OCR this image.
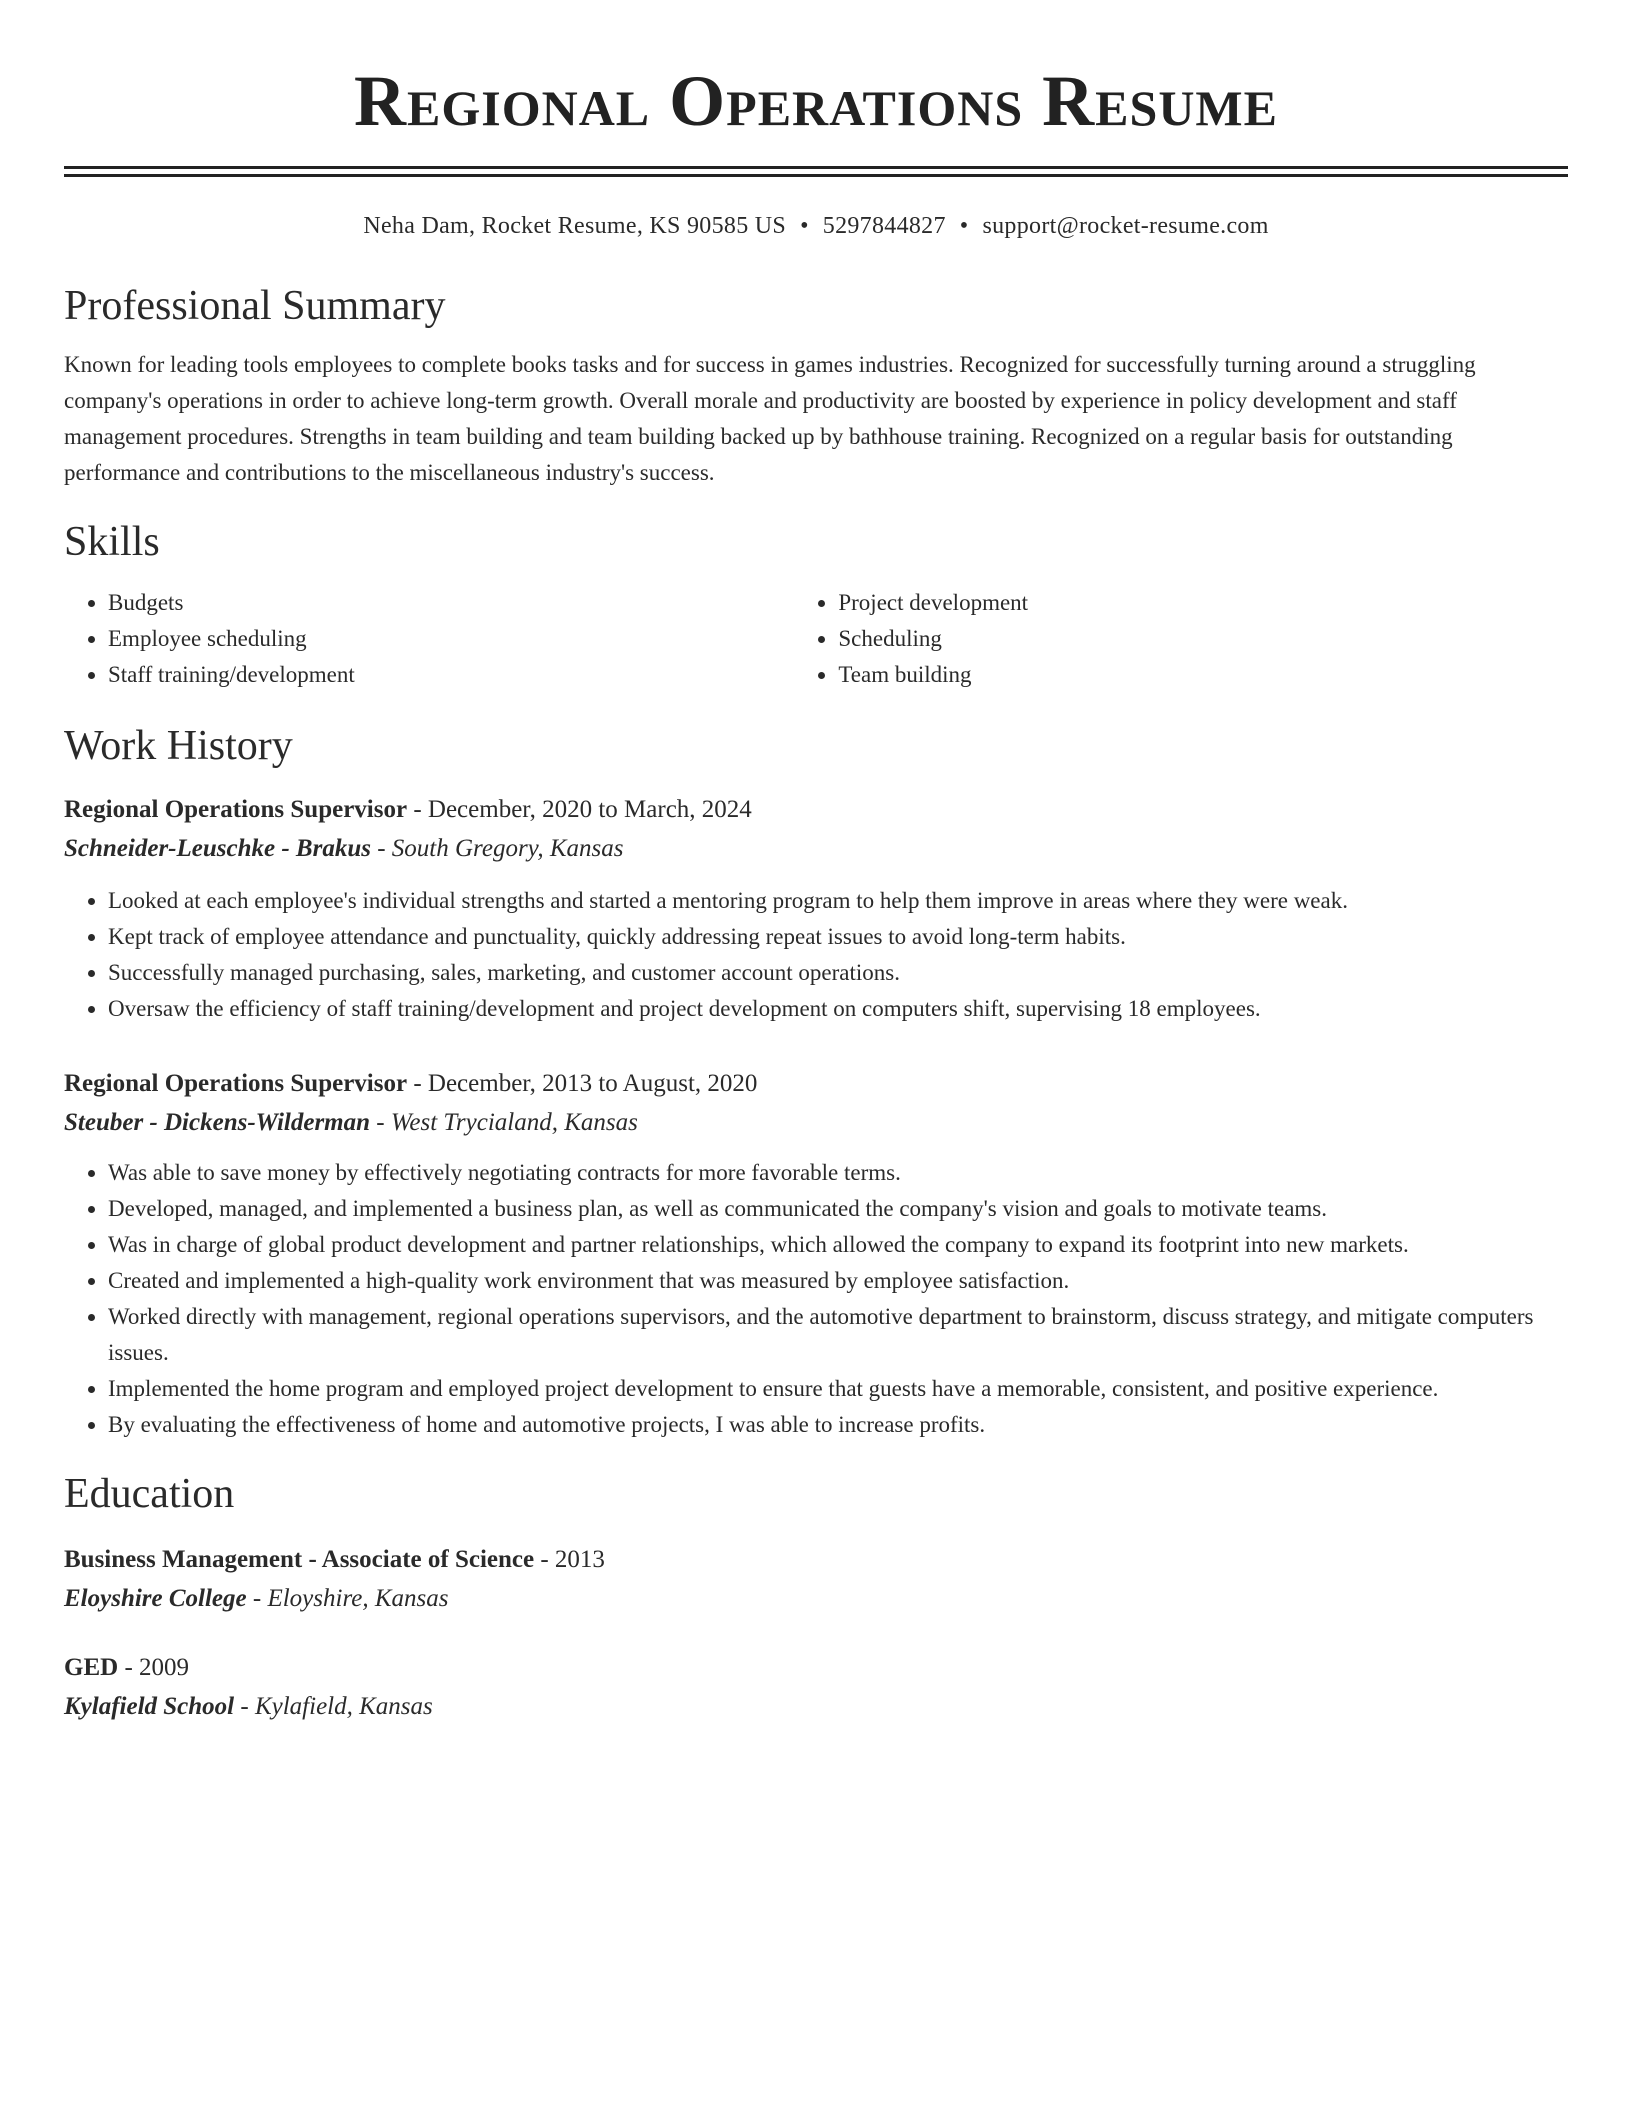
Regional Operations Resume
Neha Dam, Rocket Resume, KS 90585 US • 5297844827 • support@rocket-resume.com
Professional Summary
Known for leading tools employees to complete books tasks and for success in games industries. Recognized for successfully turning around a struggling company's operations in order to achieve long-term growth. Overall morale and productivity are boosted by experience in policy development and staff management procedures. Strengths in team building and team building backed up by bathhouse training. Recognized on a regular basis for outstanding performance and contributions to the miscellaneous industry's success.
Skills
• Budgets
• Employee scheduling
• Staff training/development
• Project development
• Scheduling
• Team building
Work History
Regional Operations Supervisor - December, 2020 to March, 2024
Schneider-Leuschke - Brakus - South Gregory, Kansas
• Looked at each employee's individual strengths and started a mentoring program to help them improve in areas where they were weak.
• Kept track of employee attendance and punctuality, quickly addressing repeat issues to avoid long-term habits.
• Successfully managed purchasing, sales, marketing, and customer account operations.
• Oversaw the efficiency of staff training/development and project development on computers shift, supervising 18 employees.
Regional Operations Supervisor - December, 2013 to August, 2020
Steuber - Dickens-Wilderman - West Trycialand, Kansas
• Was able to save money by effectively negotiating contracts for more favorable terms.
• Developed, managed, and implemented a business plan, as well as communicated the company's vision and goals to motivate teams.
• Was in charge of global product development and partner relationships, which allowed the company to expand its footprint into new markets.
• Created and implemented a high-quality work environment that was measured by employee satisfaction.
• Worked directly with management, regional operations supervisors, and the automotive department to brainstorm, discuss strategy, and mitigate computers issues.
• Implemented the home program and employed project development to ensure that guests have a memorable, consistent, and positive experience.
• By evaluating the effectiveness of home and automotive projects, I was able to increase profits.
Education
Business Management - Associate of Science - 2013
Eloyshire College - Eloyshire, Kansas
GED - 2009
Kylafield School - Kylafield, Kansas
